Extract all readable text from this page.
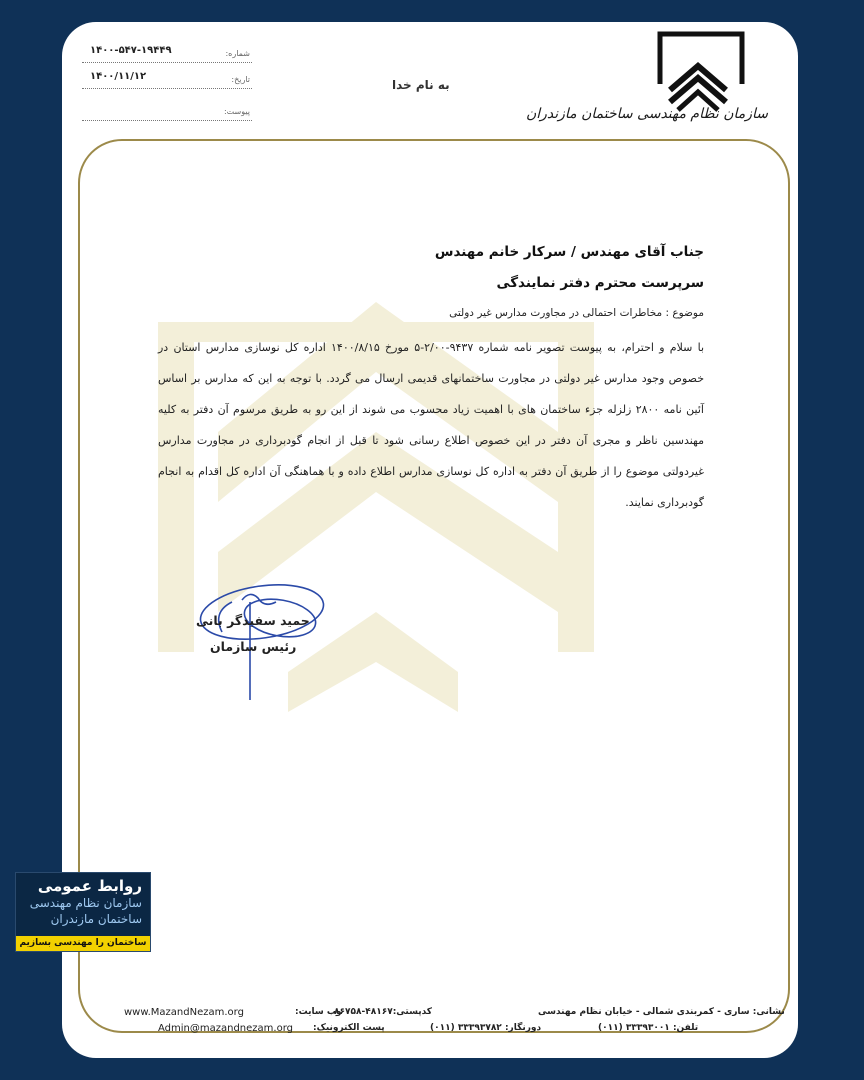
شماره:
۱۴۰۰-۵۴۷-۱۹۴۴۹
تاریخ:
۱۴۰۰/۱۱/۱۲
پیوست:
به نام خدا
سازمان نظام مهندسی ساختمان مازندران
جناب آقای مهندس / سرکار خانم مهندس
سرپرست محترم دفتر نمایندگی
موضوع : مخاطرات احتمالی در مجاورت مدارس غیر دولتی
با سلام و احترام، به پیوست تصویر نامه شماره ۹۴۳۷-۲/۰۰-۵ مورخ ۱۴۰۰/۸/۱۵ اداره کل نوسازی مدارس استان در خصوص وجود مدارس غیر دولتی در مجاورت ساختمانهای قدیمی ارسال می گردد. با توجه به این که مدارس بر اساس آئین نامه ۲۸۰۰ زلزله جزء ساختمان های با اهمیت زیاد محسوب می شوند از این رو به طریق مرسوم آن دفتر به کلیه مهندسین ناظر و مجری آن دفتر در این خصوص اطلاع رسانی شود تا قبل از انجام گودبرداری در مجاورت مدارس غیردولتی موضوع را از طریق آن دفتر به اداره کل نوسازی مدارس اطلاع داده و با هماهنگی آن اداره کل اقدام به انجام گودبرداری نمایند.
حمید سفیدگر بانی
رئیس سازمان
www.MazandNezam.org	وب سایت:
Admin@mazandnezam.org پست الکترونیک:
کدپستی:۴۸۱۶۷-۸۶۷۵۸
دورنگار: ۳۳۳۹۳۷۸۲ (۰۱۱)
نشانی: ساری - کمربندی شمالی - خیابان نظام مهندسی
تلفن: ۳۳۳۹۳۰۰۱ (۰۱۱)
روابط عمومی
سازمان نظام مهندسی
ساختمان مازندران
ساختمان را مهندسی بسازیم
